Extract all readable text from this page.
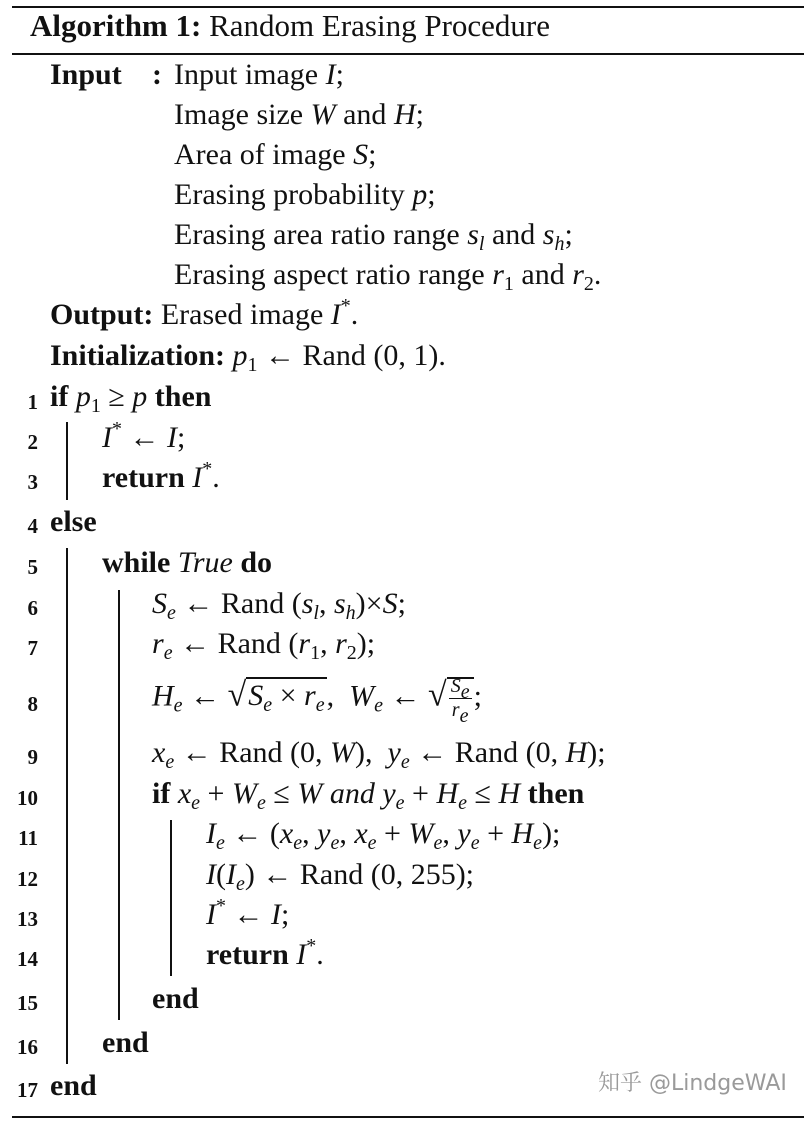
Algorithm 1: Random Erasing Procedure
Input : Input image I;
Image size W and H;
Area of image S;
Erasing probability p;
Erasing area ratio range $s_l$ and $s_h$;
Erasing aspect ratio range $r_1$ and $r_2$.
Output: Erased image I*.
Initialization: $p_1$ ← Rand (0, 1).
1
2
3
4
5
6
7
8
9
10
11
12
13
14
15
16
17
if $p_1 \ge p$ then
I* ← I;
return I*.
else
while True do
$S_e$ ← Rand ($s_l$, $s_h)\times S$;
$r_e$ ← Rand ($r_1$, $r_2$);
$H_e$ ← $√S_e \times r_e$,  $W_e$ ← √ $\frac{S_e}{r_e}$ ;
$x_e$ ← Rand (0, W),  $y_e$ ← Rand (0, H);
if $x_e + W_e \le W$ and $y_e + H_e \le H$ then
$I_e$ ← ($x_e$, $y_e$, $x_e + W_e$, $y_e + H_e$);
$I(I_e)$ ← Rand (0, 255);
I* ← I;
return I*.
end
end
end	知乎 @LindgeWAI
